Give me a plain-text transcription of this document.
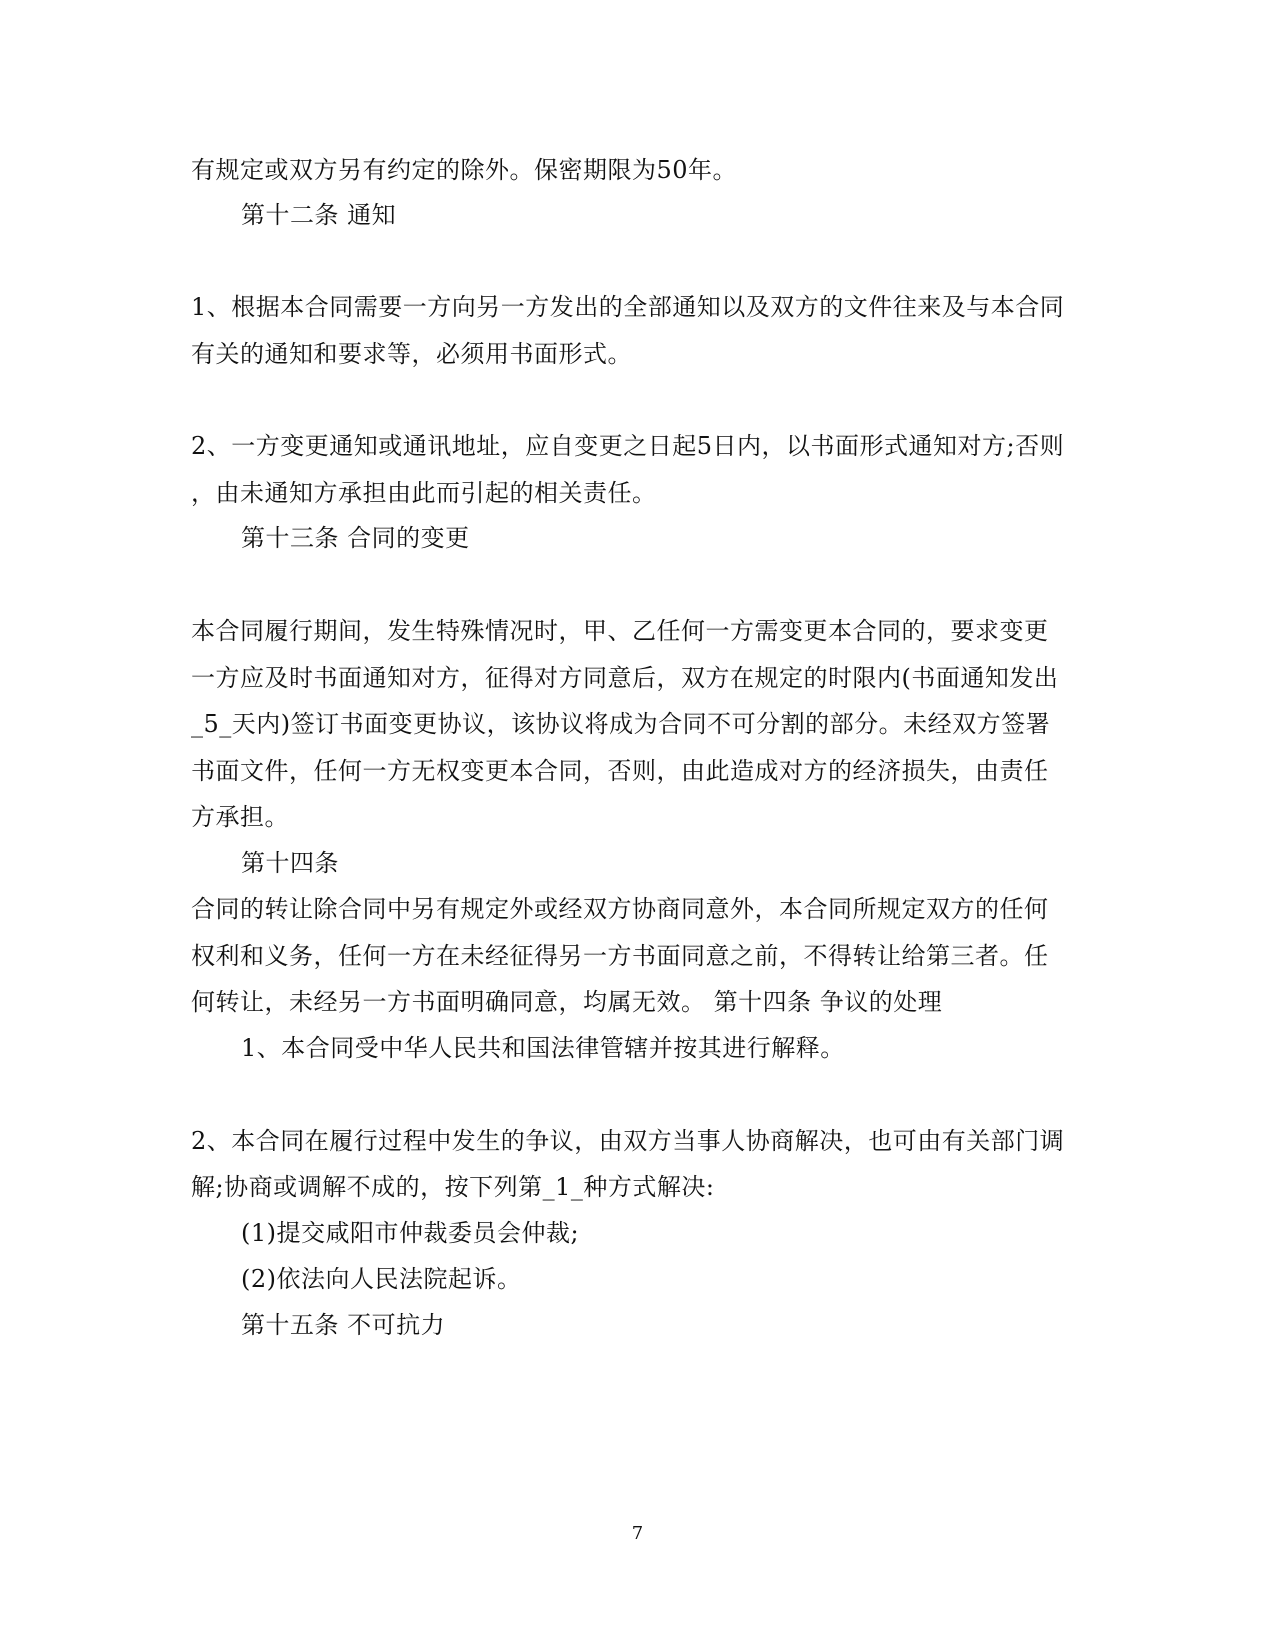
有规定或双方另有约定的除外。保密期限为50年。
第十二条 通知
1、根据本合同需要一方向另一方发出的全部通知以及双方的文件往来及与本合同
有关的通知和要求等，必须用书面形式。
2、一方变更通知或通讯地址，应自变更之日起5日内，以书面形式通知对方;否则
，由未通知方承担由此而引起的相关责任。
第十三条 合同的变更
本合同履行期间，发生特殊情况时，甲、乙任何一方需变更本合同的，要求变更
一方应及时书面通知对方，征得对方同意后，双方在规定的时限内(书面通知发出
_5_天内)签订书面变更协议，该协议将成为合同不可分割的部分。未经双方签署
书面文件，任何一方无权变更本合同，否则，由此造成对方的经济损失，由责任
方承担。
第十四条
合同的转让除合同中另有规定外或经双方协商同意外，本合同所规定双方的任何
权利和义务，任何一方在未经征得另一方书面同意之前，不得转让给第三者。任
何转让，未经另一方书面明确同意，均属无效。 第十四条 争议的处理
1、本合同受中华人民共和国法律管辖并按其进行解释。
2、本合同在履行过程中发生的争议，由双方当事人协商解决，也可由有关部门调
解;协商或调解不成的，按下列第_1_种方式解决:
(1)提交咸阳市仲裁委员会仲裁;
(2)依法向人民法院起诉。
第十五条 不可抗力
7
